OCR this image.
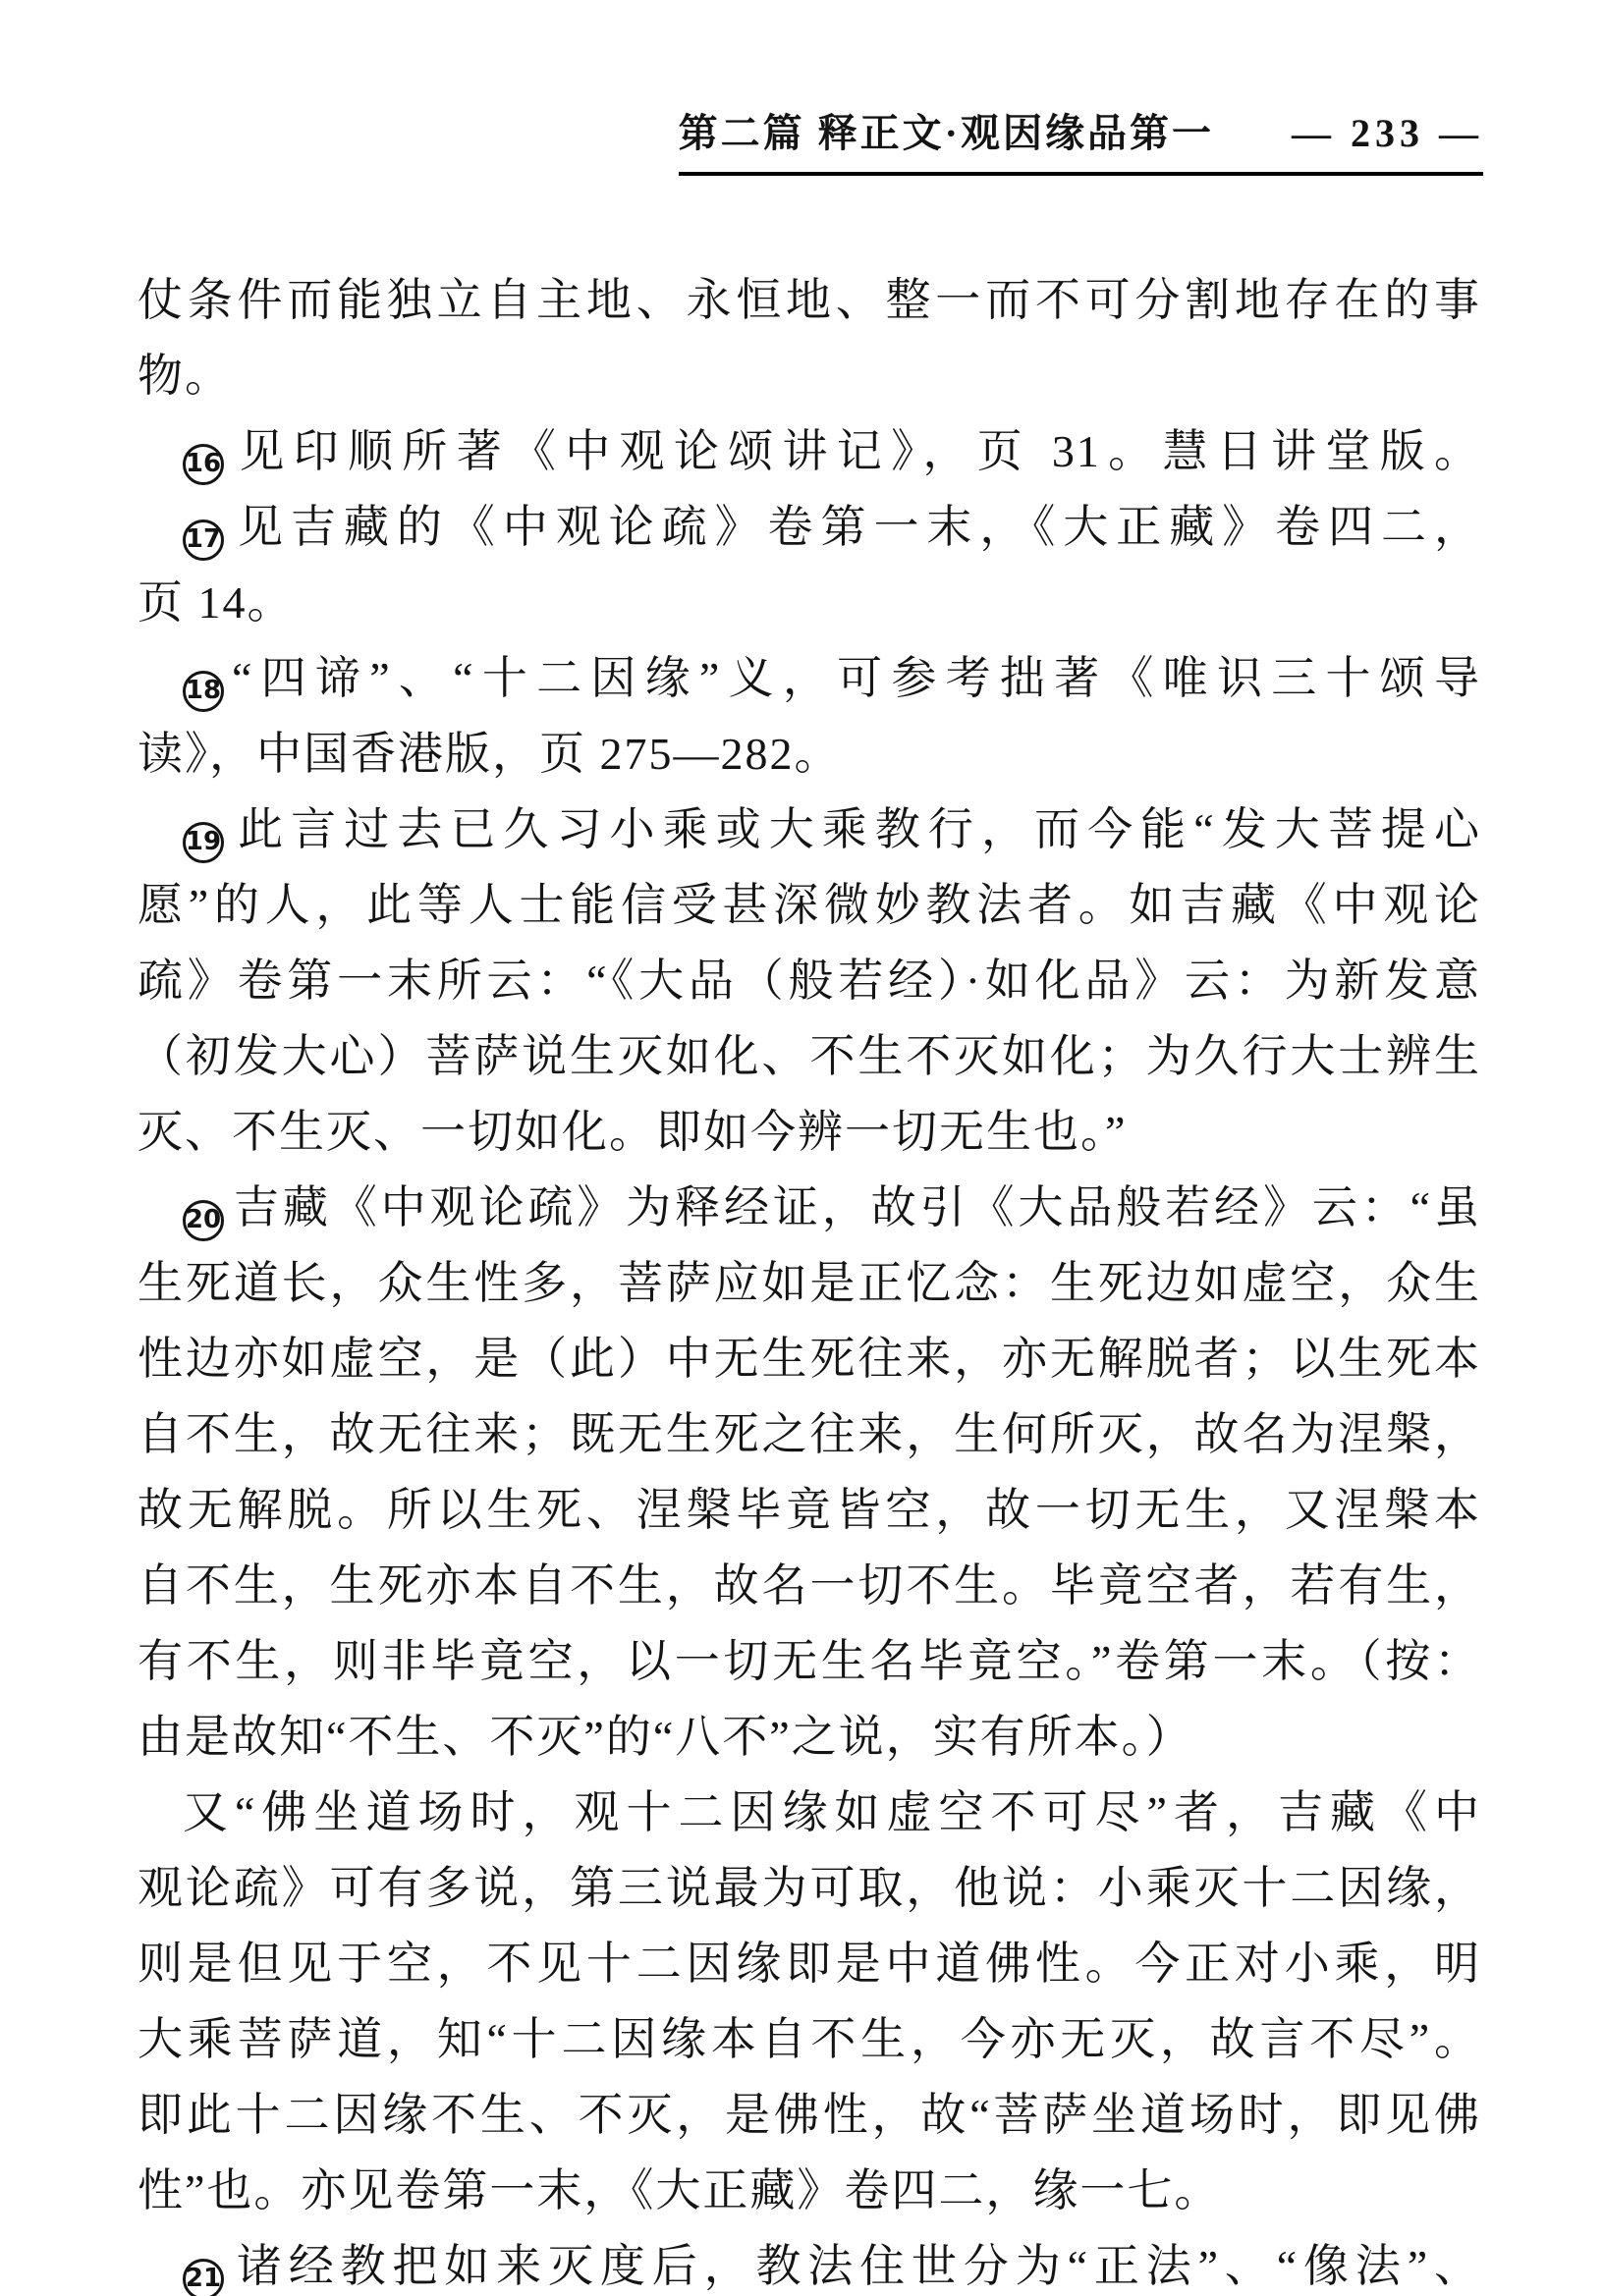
第二篇 释正文·观因缘品第一 — 233 —
仗条件而能独立自主地、永恒地、整一而不可分割地存在的事
物。
16 见印顺所著《中观论颂讲记》，页 31。慧日讲堂版。
17 见吉藏的《中观论疏》卷第一末，《大正藏》卷四二，
页 14。
18 “四谛”、“十二因缘”义，可参考拙著《唯识三十颂导
读》，中国香港版，页 275—282。
19 此言过去已久习小乘或大乘教行，而今能“发大菩提心
愿”的人，此等人士能信受甚深微妙教法者。如吉藏《中观论
疏》卷第一末所云：“《大品（般若经）·如化品》云：为新发意
（初发大心）菩萨说生灭如化、不生不灭如化；为久行大士辨生
灭、不生灭、一切如化。即如今辨一切无生也。”
20 吉藏《中观论疏》为释经证，故引《大品般若经》云：“虽
生死道长，众生性多，菩萨应如是正忆念：生死边如虚空，众生
性边亦如虚空，是（此）中无生死往来，亦无解脱者；以生死本
自不生，故无往来；既无生死之往来，生何所灭，故名为涅槃，
故无解脱。所以生死、涅槃毕竟皆空，故一切无生，又涅槃本
自不生，生死亦本自不生，故名一切不生。毕竟空者，若有生，
有不生，则非毕竟空，以一切无生名毕竟空。”卷第一末。（按：
由是故知“不生、不灭”的“八不”之说，实有所本。）
又“佛坐道场时，观十二因缘如虚空不可尽”者，吉藏《中
观论疏》可有多说，第三说最为可取，他说：小乘灭十二因缘，
则是但见于空，不见十二因缘即是中道佛性。今正对小乘，明
大乘菩萨道，知“十二因缘本自不生，今亦无灭，故言不尽”。
即此十二因缘不生、不灭，是佛性，故“菩萨坐道场时，即见佛
性”也。亦见卷第一末，《大正藏》卷四二，缘一七。
21 诸经教把如来灭度后，教法住世分为“正法”、“像法”、
